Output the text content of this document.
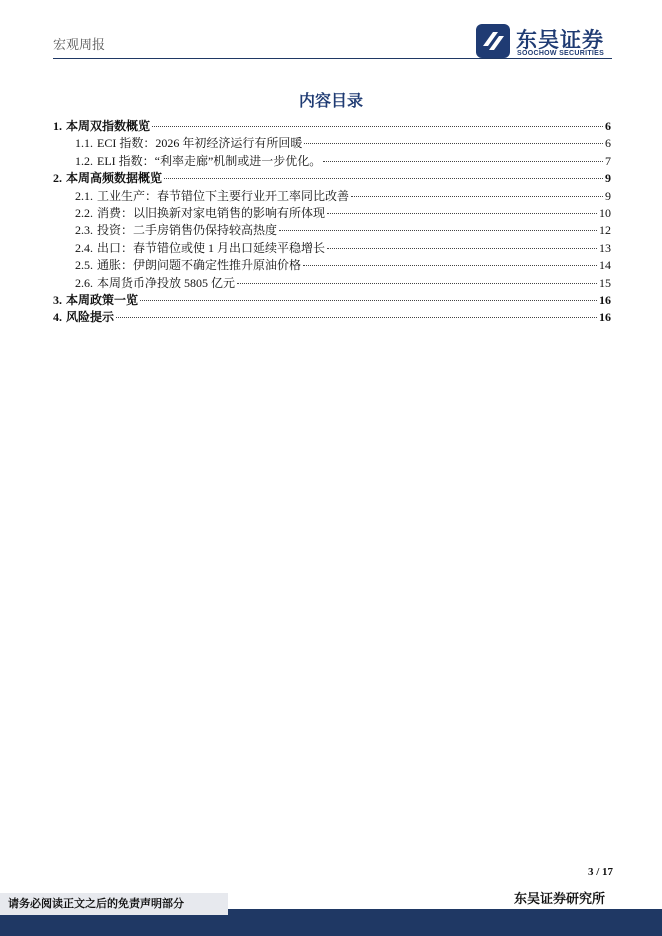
宏观周报	东吴证券
SOOCHOW SECURITIES
内容目录
1. 本周双指数概览	6
1.1. ECI 指数：2026 年初经济运行有所回暖	6
1.2. ELI 指数：“利率走廊”机制或进一步优化。	7
2. 本周高频数据概览	9
2.1. 工业生产：春节错位下主要行业开工率同比改善	9
2.2. 消费：以旧换新对家电销售的影响有所体现	10
2.3. 投资：二手房销售仍保持较高热度	12
2.4. 出口：春节错位或使 1 月出口延续平稳增长	13
2.5. 通胀：伊朗问题不确定性推升原油价格	14
2.6. 本周货币净投放 5805 亿元	15
3. 本周政策一览	16
4. 风险提示	16
3 / 17
东吴证券研究所
请务必阅读正文之后的免责声明部分
